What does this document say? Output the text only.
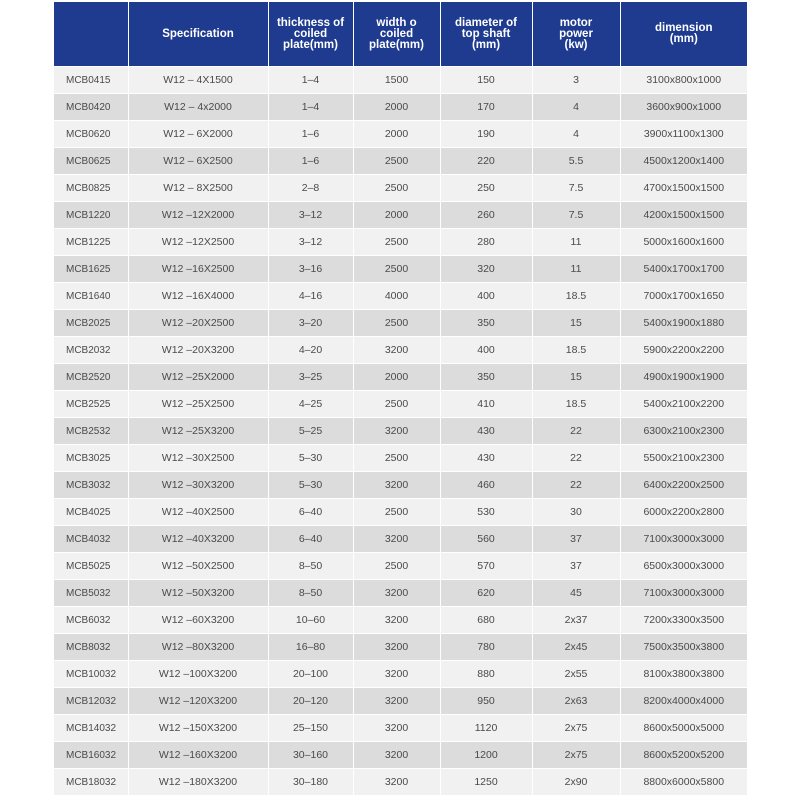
	Specification	thickness of
coiled
plate(mm)	width o
coiled
plate(mm)	diameter of
top shaft
(mm)	motor
power
(kw)	dimension
(mm)

MCB0415	W12 – 4X1500	1–4	1500	150	3	3100x800x1000
MCB0420	W12 – 4x2000	1–4	2000	170	4	3600x900x1000
MCB0620	W12 – 6X2000	1–6	2000	190	4	3900x1100x1300
MCB0625	W12 – 6X2500	1–6	2500	220	5.5	4500x1200x1400
MCB0825	W12 – 8X2500	2–8	2500	250	7.5	4700x1500x1500
MCB1220	W12 –12X2000	3–12	2000	260	7.5	4200x1500x1500
MCB1225	W12 –12X2500	3–12	2500	280	11	5000x1600x1600
MCB1625	W12 –16X2500	3–16	2500	320	11	5400x1700x1700
MCB1640	W12 –16X4000	4–16	4000	400	18.5	7000x1700x1650
MCB2025	W12 –20X2500	3–20	2500	350	15	5400x1900x1880
MCB2032	W12 –20X3200	4–20	3200	400	18.5	5900x2200x2200
MCB2520	W12 –25X2000	3–25	2000	350	15	4900x1900x1900
MCB2525	W12 –25X2500	4–25	2500	410	18.5	5400x2100x2200
MCB2532	W12 –25X3200	5–25	3200	430	22	6300x2100x2300
MCB3025	W12 –30X2500	5–30	2500	430	22	5500x2100x2300
MCB3032	W12 –30X3200	5–30	3200	460	22	6400x2200x2500
MCB4025	W12 –40X2500	6–40	2500	530	30	6000x2200x2800
MCB4032	W12 –40X3200	6–40	3200	560	37	7100x3000x3000
MCB5025	W12 –50X2500	8–50	2500	570	37	6500x3000x3000
MCB5032	W12 –50X3200	8–50	3200	620	45	7100x3000x3000
MCB6032	W12 –60X3200	10–60	3200	680	2x37	7200x3300x3500
MCB8032	W12 –80X3200	16–80	3200	780	2x45	7500x3500x3800
MCB10032	W12 –100X3200	20–100	3200	880	2x55	8100x3800x3800
MCB12032	W12 –120X3200	20–120	3200	950	2x63	8200x4000x4000
MCB14032	W12 –150X3200	25–150	3200	1120	2x75	8600x5000x5000
MCB16032	W12 –160X3200	30–160	3200	1200	2x75	8600x5200x5200
MCB18032	W12 –180X3200	30–180	3200	1250	2x90	8800x6000x5800
